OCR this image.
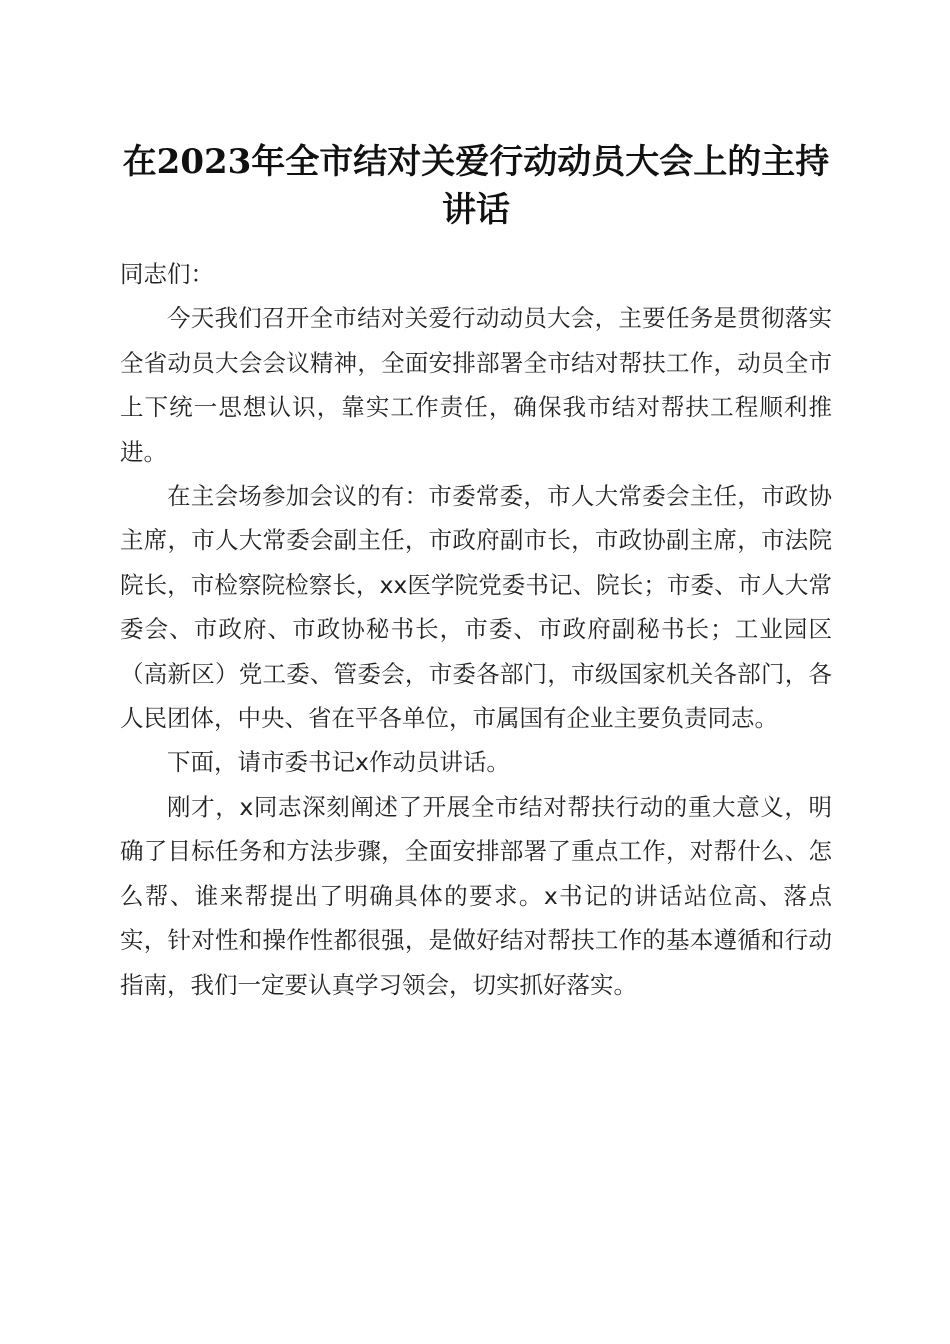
在2023年全市结对关爱行动动员大会上的主持讲话

同志们：

今天我们召开全市结对关爱行动动员大会，主要任务是贯彻落实全省动员大会会议精神，全面安排部署全市结对帮扶工作，动员全市上下统一思想认识，靠实工作责任，确保我市结对帮扶工程顺利推进。

在主会场参加会议的有：市委常委，市人大常委会主任，市政协主席，市人大常委会副主任，市政府副市长，市政协副主席，市法院院长，市检察院检察长，xx医学院党委书记、院长；市委、市人大常委会、市政府、市政协秘书长，市委、市政府副秘书长；工业园区（高新区）党工委、管委会，市委各部门，市级国家机关各部门，各人民团体，中央、省在平各单位，市属国有企业主要负责同志。

下面，请市委书记x作动员讲话。

刚才，x同志深刻阐述了开展全市结对帮扶行动的重大意义，明确了目标任务和方法步骤，全面安排部署了重点工作，对帮什么、怎么帮、谁来帮提出了明确具体的要求。x书记的讲话站位高、落点实，针对性和操作性都很强，是做好结对帮扶工作的基本遵循和行动指南，我们一定要认真学习领会，切实抓好落实。
